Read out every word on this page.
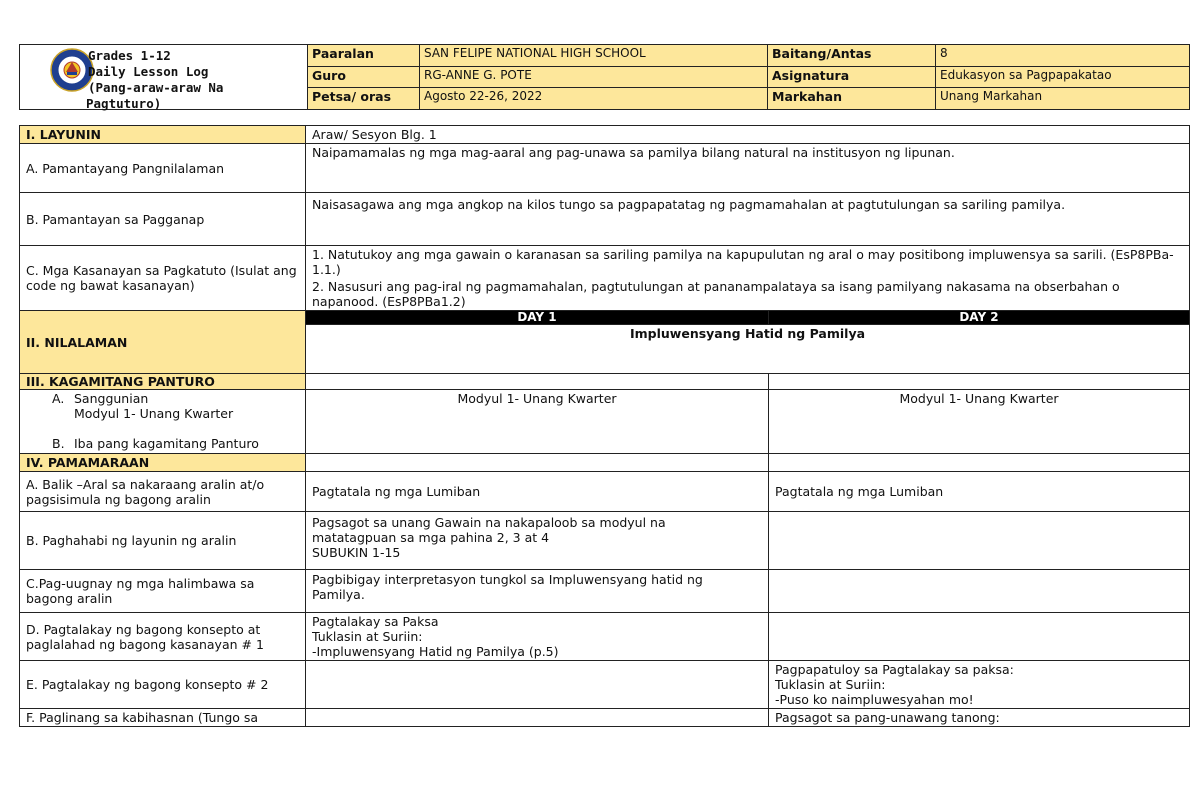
Grades 1-12
Daily Lesson Log
(Pang-araw-araw Na
Pagtuturo)	Paaralan	SAN FELIPE NATIONAL HIGH SCHOOL	Baitang/Antas	8
	Guro	RG-ANNE G. POTE	Asignatura	Edukasyon sa Pagpapakatao
	Petsa/ oras	Agosto 22-26, 2022	Markahan	Unang Markahan
I. LAYUNIN	Araw/ Sesyon Blg. 1	
A. Pamantayang Pangnilalaman	Naipamamalas ng mga mag-aaral ang pag-unawa sa pamilya bilang natural na institusyon ng lipunan.	
B. Pamantayan sa Pagganap	Naisasagawa ang mga angkop na kilos tungo sa pagpapatatag ng pagmamahalan at pagtutulungan sa sariling pamilya.	
C. Mga Kasanayan sa Pagkatuto (Isulat ang code ng bawat kasanayan)	1. Natutukoy ang mga gawain o karanasan sa sariling pamilya na kapupulutan ng aral o may positibong impluwensya sa sarili. (EsP8PBa-1.1.)
2. Nasusuri ang pag-iral ng pagmamahalan, pagtutulungan at pananampalataya sa isang pamilyang nakasama na obserbahan o napanood. (EsP8PBa1.2)	

II. NILALAMAN	DAY 1	DAY 2
	Impluwensyang Hatid ng Pamilya	
III. KAGAMITANG PANTURO		

A. Sanggunian
Modyul 1- Unang Kwarter
B. Iba pang kagamitang Panturo	Modyul 1- Unang Kwarter	Modyul 1- Unang Kwarter
IV. PAMAMARAAN		
A. Balik –Aral sa nakaraang aralin at/o pagsisimula ng bagong aralin	Pagtatala ng mga Lumiban	Pagtatala ng mga Lumiban
B. Paghahabi ng layunin ng aralin	Pagsagot sa unang Gawain na nakapaloob sa modyul na
matatagpuan sa mga pahina 2, 3 at 4
SUBUKIN 1-15	

C.Pag-uugnay ng mga halimbawa sa bagong aralin	Pagbibigay interpretasyon tungkol sa Impluwensyang hatid ng Pamilya.	
D. Pagtalakay ng bagong konsepto at paglalahad ng bagong kasanayan # 1	Pagtalakay sa Paksa
Tuklasin at Suriin:
-Impluwensyang Hatid ng Pamilya (p.5)	

E. Pagtalakay ng bagong konsepto # 2		Pagpapatuloy sa Pagtalakay sa paksa:
Tuklasin at Suriin:
-Puso ko naimpluwesyahan mo!

F. Paglinang sa kabihasnan (Tungo sa		Pagsagot sa pang-unawang tanong:
